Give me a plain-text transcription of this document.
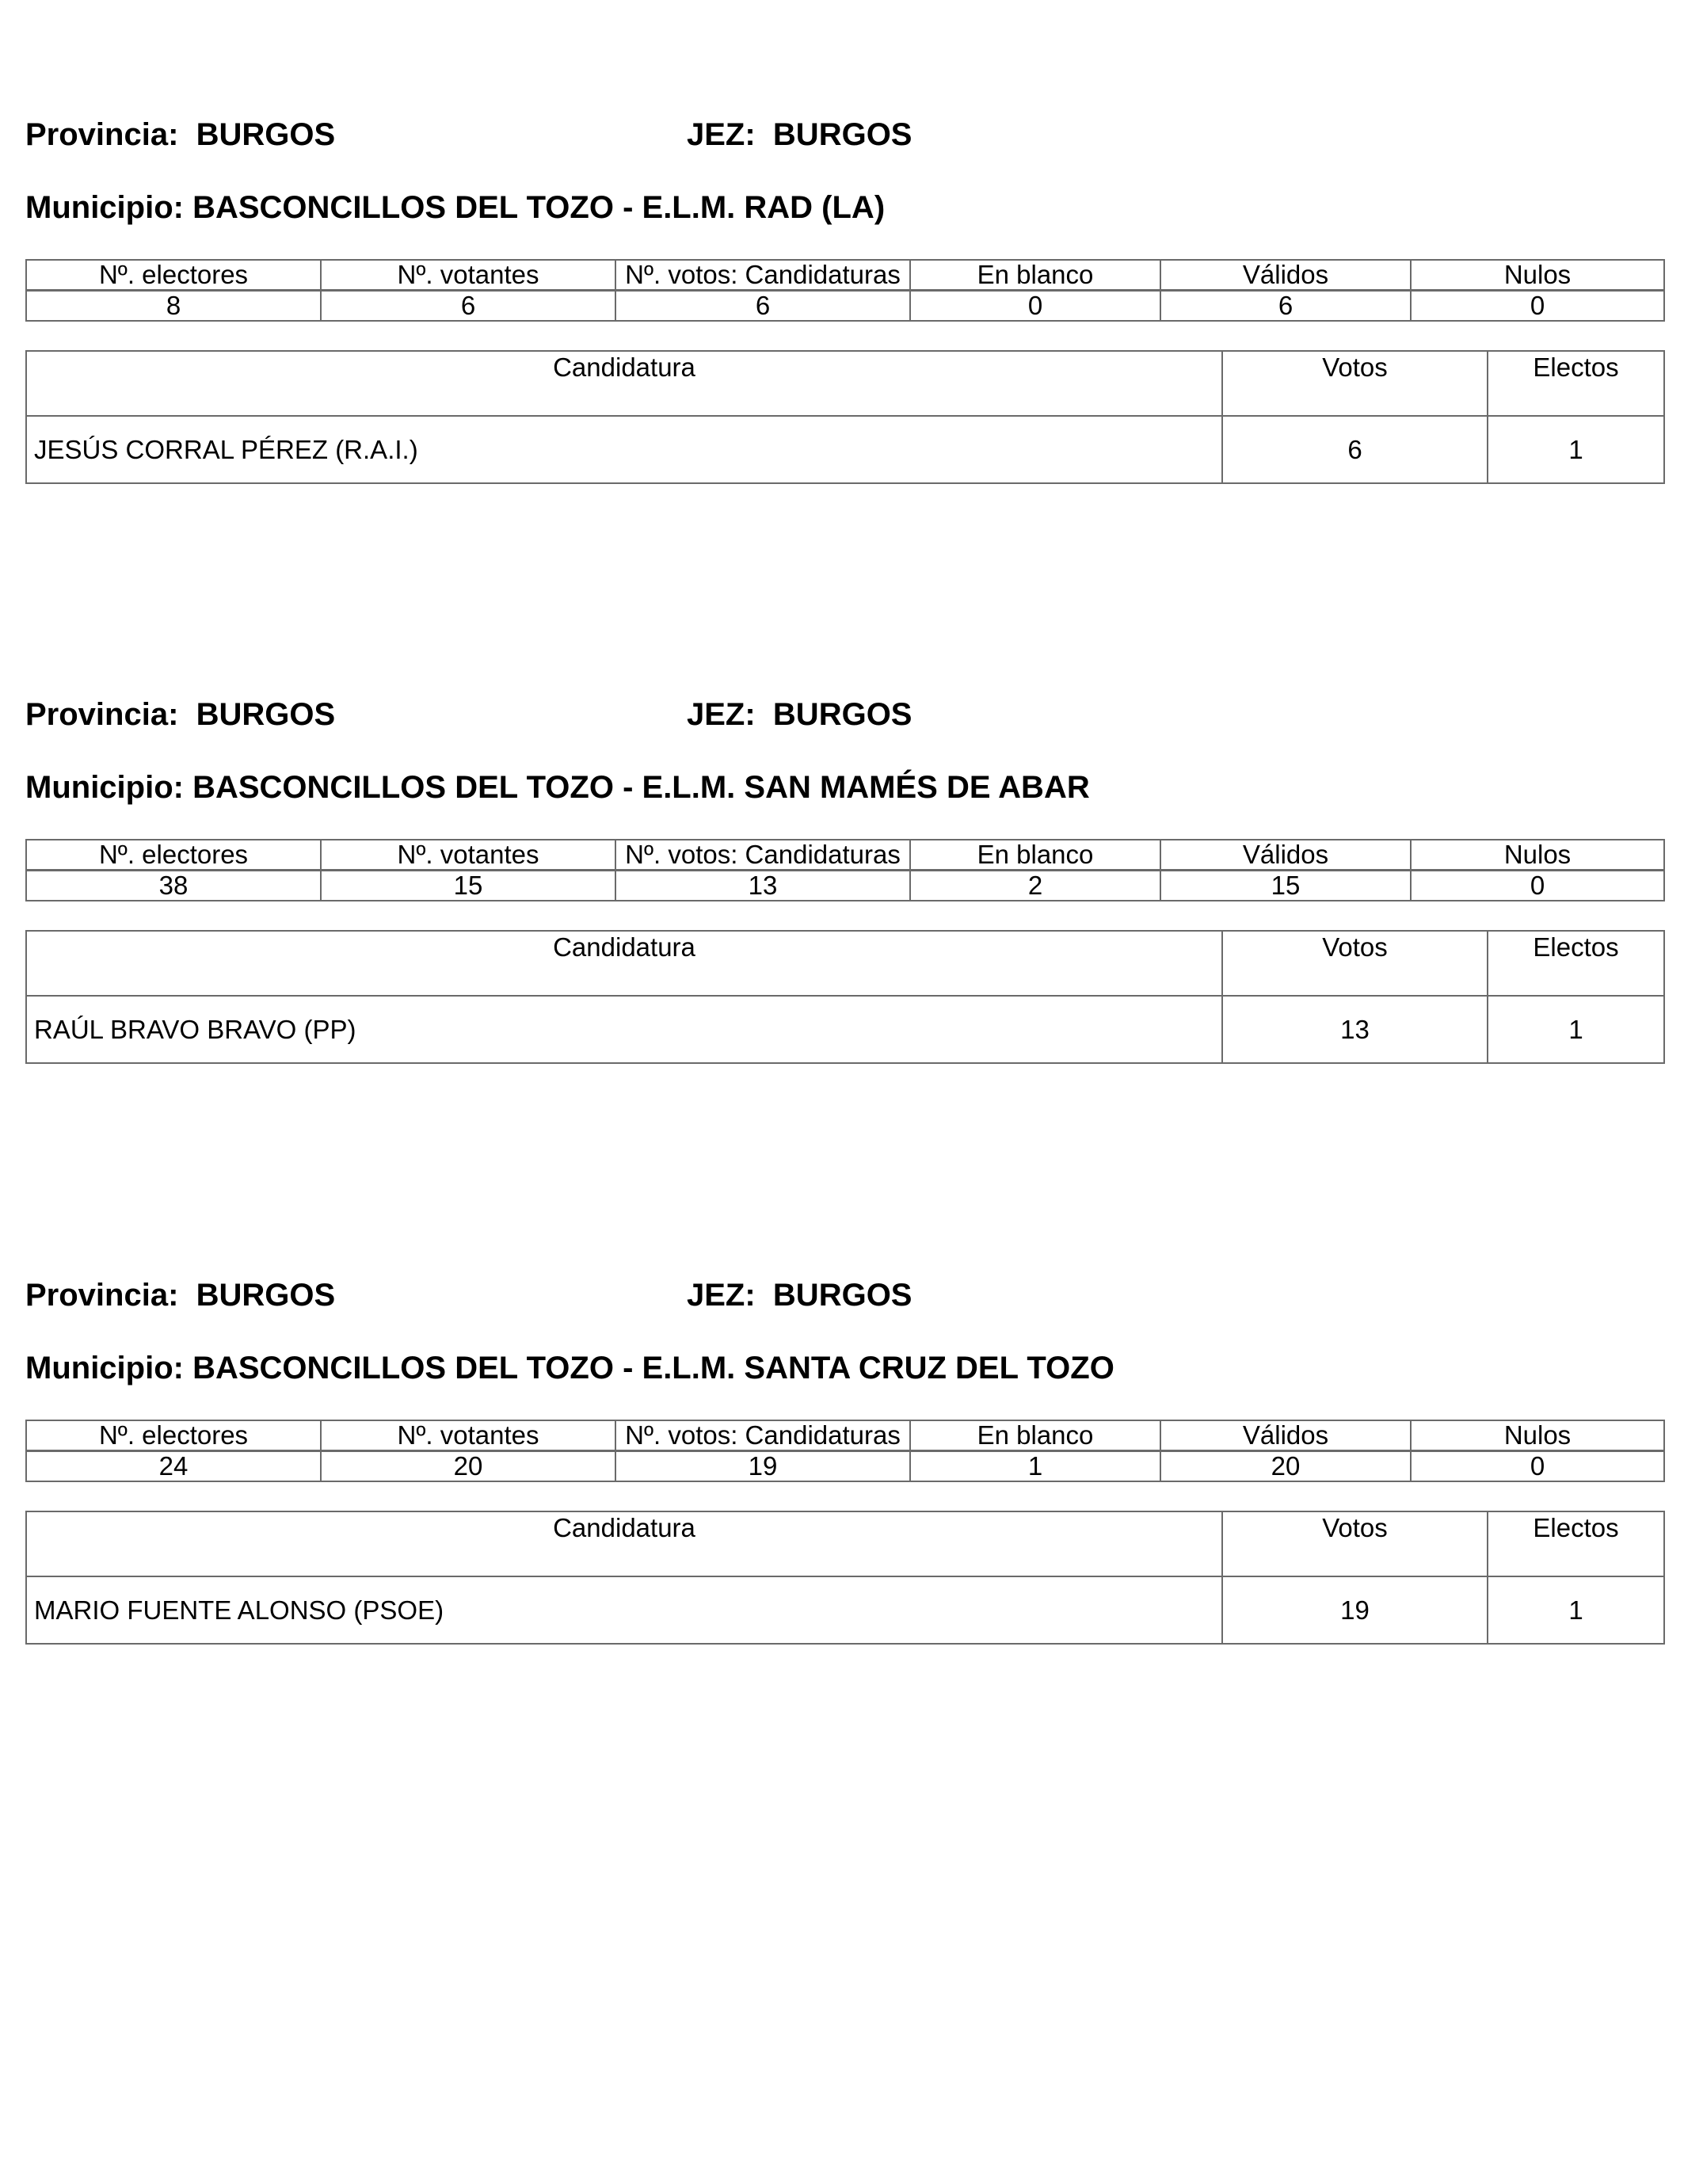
Provincia: BURGOS	JEZ: BURGOS
Municipio: BASCONCILLOS DEL TOZO - E.L.M. RAD (LA)
Nº. electores	Nº. votantes	Nº. votos: Candidaturas	En blanco	Válidos	Nulos
8	6	6	0	6	0
Candidatura	Votos	Electos
JESÚS CORRAL PÉREZ (R.A.I.)	6	1
Provincia: BURGOS	JEZ: BURGOS
Municipio: BASCONCILLOS DEL TOZO - E.L.M. SAN MAMÉS DE ABAR
Nº. electores	Nº. votantes	Nº. votos: Candidaturas	En blanco	Válidos	Nulos
38	15	13	2	15	0
Candidatura	Votos	Electos
RAÚL BRAVO BRAVO (PP)	13	1
Provincia: BURGOS	JEZ: BURGOS
Municipio: BASCONCILLOS DEL TOZO - E.L.M. SANTA CRUZ DEL TOZO
Nº. electores	Nº. votantes	Nº. votos: Candidaturas	En blanco	Válidos	Nulos
24	20	19	1	20	0
Candidatura	Votos	Electos
MARIO FUENTE ALONSO (PSOE)	19	1
